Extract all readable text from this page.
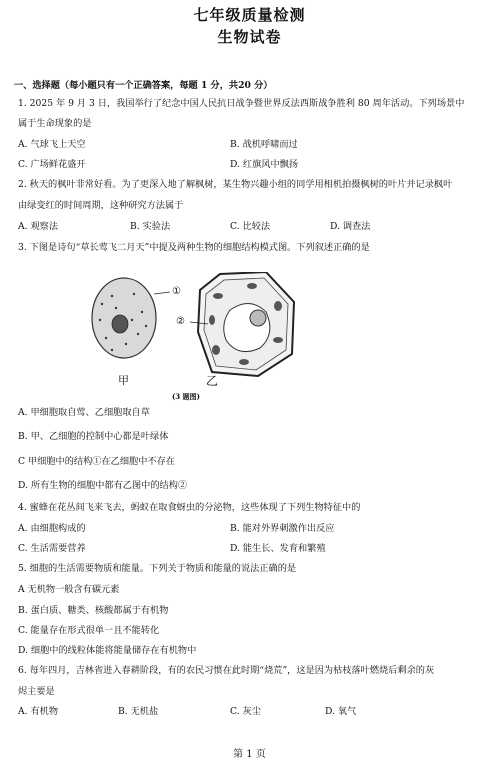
七年级质量检测
生物试卷
一、选择题（每小题只有一个正确答案，每题 1 分，共20 分）
1. 2025 年 9 月 3 日，我国举行了纪念中国人民抗日战争暨世界反法西斯战争胜利 80 周年活动。下列场景中
属于生命现象的是
A. 气球飞上天空	B. 战机呼啸而过
C. 广场鲜花盛开	D. 红旗风中飘扬
2. 秋天的枫叶非常好看。为了更深入地了解枫树，某生物兴趣小组的同学用相机拍摄枫树的叶片并记录枫叶
由绿变红的时间周期，这种研究方法属于
A. 观察法	B. 实验法	C. 比较法	D. 调查法
3. 下图是诗句“草长莺飞二月天”中提及两种生物的细胞结构模式图。下列叙述正确的是
①
②
甲	乙
(3 题图)
A. 甲细胞取自莺、乙细胞取自草
B. 甲、乙细胞的控制中心都是叶绿体
C 甲细胞中的结构①在乙细胞中不存在
D. 所有生物的细胞中都有乙图中的结构②
4. 蜜蜂在花丛间飞来飞去，蚂蚁在取食蚜虫的分泌物，这些体现了下列生物特征中的
A. 由细胞构成的	B. 能对外界刺激作出反应
C. 生活需要营养	D. 能生长、发育和繁殖
5. 细胞的生活需要物质和能量。下列关于物质和能量的说法正确的是
A 无机物一般含有碳元素
B. 蛋白质、糖类、核酸都属于有机物
C. 能量存在形式很单一且不能转化
D. 细胞中的线粒体能将能量储存在有机物中
6. 每年四月，吉林省进入春耕阶段，有的农民习惯在此时期“烧荒”，这是因为枯枝落叶燃烧后剩余的灰
烬主要是
A. 有机物	B. 无机盐	C. 灰尘	D. 氧气
第 1 页
